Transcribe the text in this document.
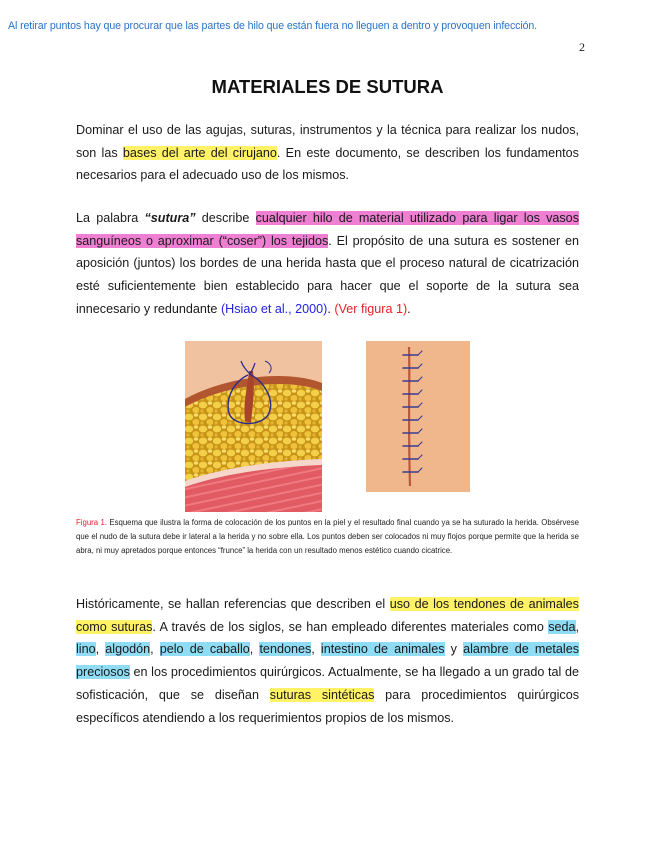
Al retirar puntos hay que procurar que las partes de hilo que están fuera no lleguen a dentro y provoquen infección.
2
MATERIALES DE SUTURA
Dominar el uso de las agujas, suturas, instrumentos y la técnica para realizar los nudos, son las bases del arte del cirujano. En este documento, se describen los fundamentos necesarios para el adecuado uso de los mismos.
La palabra “sutura” describe cualquier hilo de material utilizado para ligar los vasos sanguíneos o aproximar (“coser”) los tejidos. El propósito de una sutura es sostener en aposición (juntos) los bordes de una herida hasta que el proceso natural de cicatrización esté suficientemente bien establecido para hacer que el soporte de la sutura sea innecesario y redundante (Hsiao et al., 2000). (Ver figura 1).
Figura 1. Esquema que ilustra la forma de colocación de los puntos en la piel y el resultado final cuando ya se ha suturado la herida. Obsérvese que el nudo de la sutura debe ir lateral a la herida y no sobre ella. Los puntos deben ser colocados ni muy flojos porque permite que la herida se abra, ni muy apretados porque entonces “frunce” la herida con un resultado menos estético cuando cicatrice.
Históricamente, se hallan referencias que describen el uso de los tendones de animales como suturas. A través de los siglos, se han empleado diferentes materiales como seda, lino, algodón, pelo de caballo, tendones, intestino de animales y alambre de metales preciosos en los procedimientos quirúrgicos. Actualmente, se ha llegado a un grado tal de sofisticación, que se diseñan suturas sintéticas para procedimientos quirúrgicos específicos atendiendo a los requerimientos propios de los mismos.
